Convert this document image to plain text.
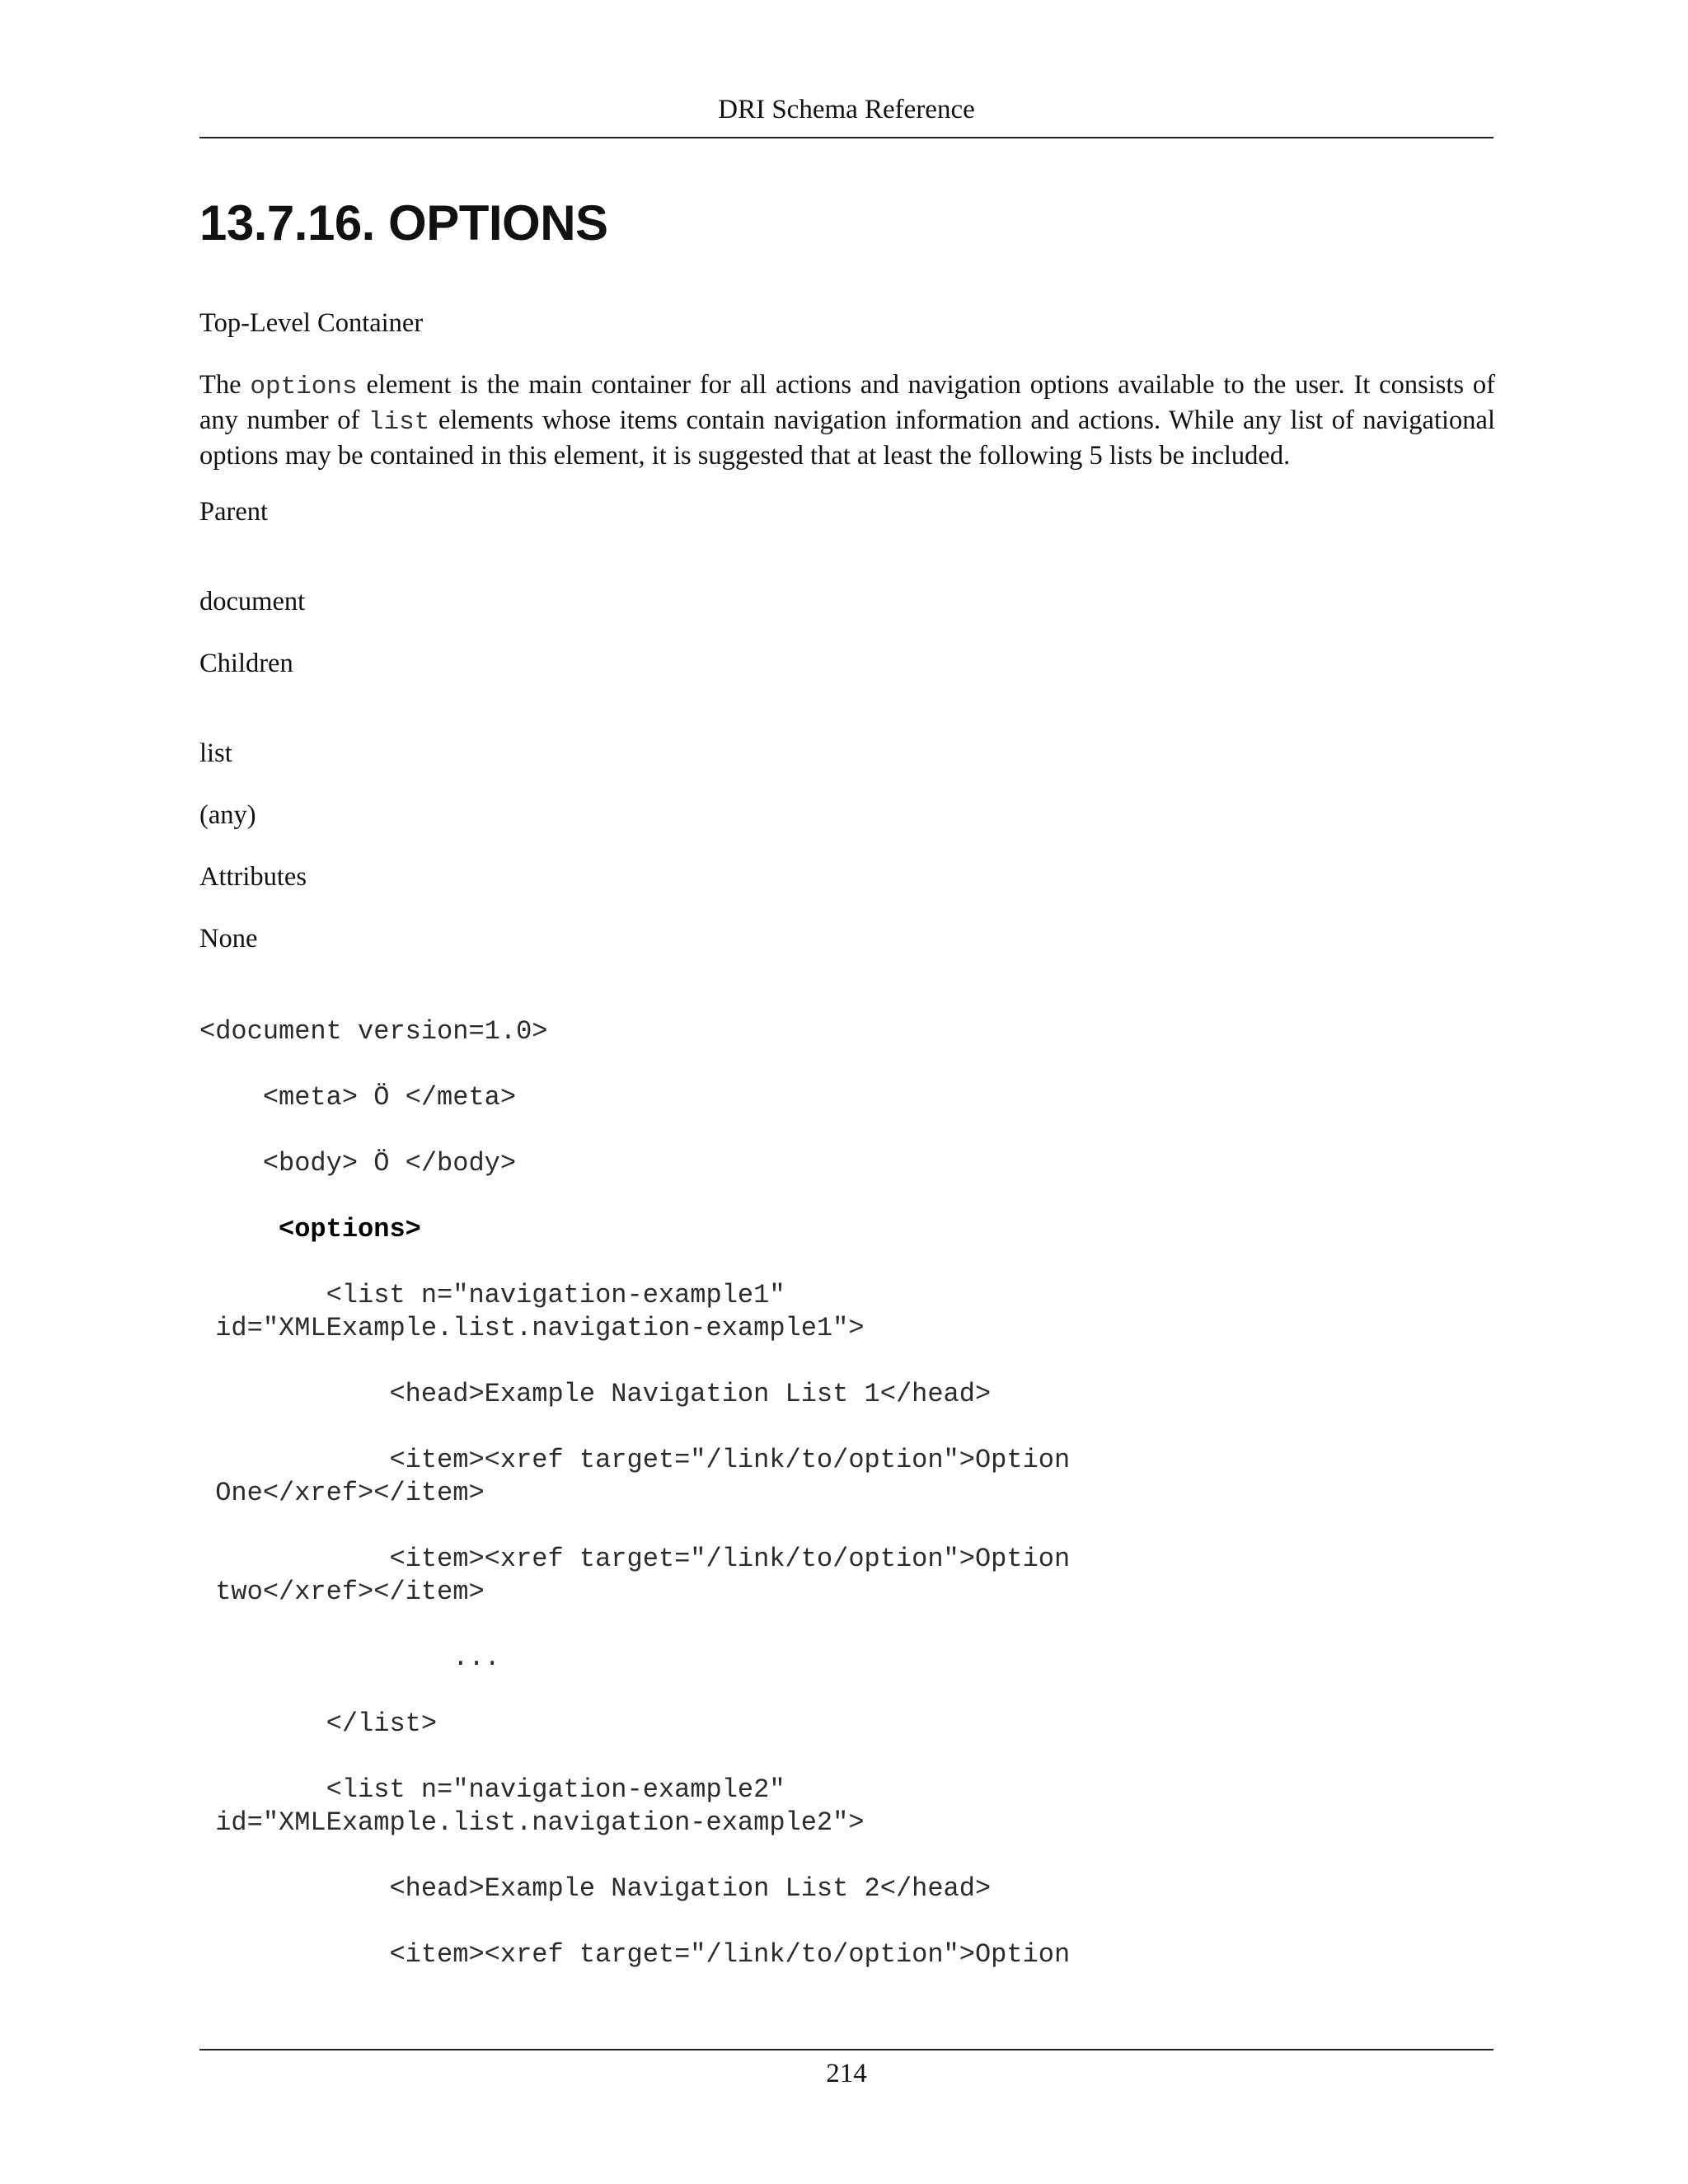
DRI Schema Reference
13.7.16. OPTIONS

Top-Level Container

The options element is the main container for all actions and navigation options available to the user. It consists of any number of list elements whose items contain navigation information and actions. While any list of navigational options may be contained in this element, it is suggested that at least the following 5 lists be included.

Parent

document

Children

list

(any)

Attributes

None

<document version=1.0>
<meta> Ö </meta>
<body> Ö </body>
<options>
<list n="navigation-example1"
id="XMLExample.list.navigation-example1">
<head>Example Navigation List 1</head>
<item><xref target="/link/to/option">Option
One</xref></item>
<item><xref target="/link/to/option">Option
two</xref></item>
...
</list>
<list n="navigation-example2"
id="XMLExample.list.navigation-example2">
<head>Example Navigation List 2</head>
<item><xref target="/link/to/option">Option
214
